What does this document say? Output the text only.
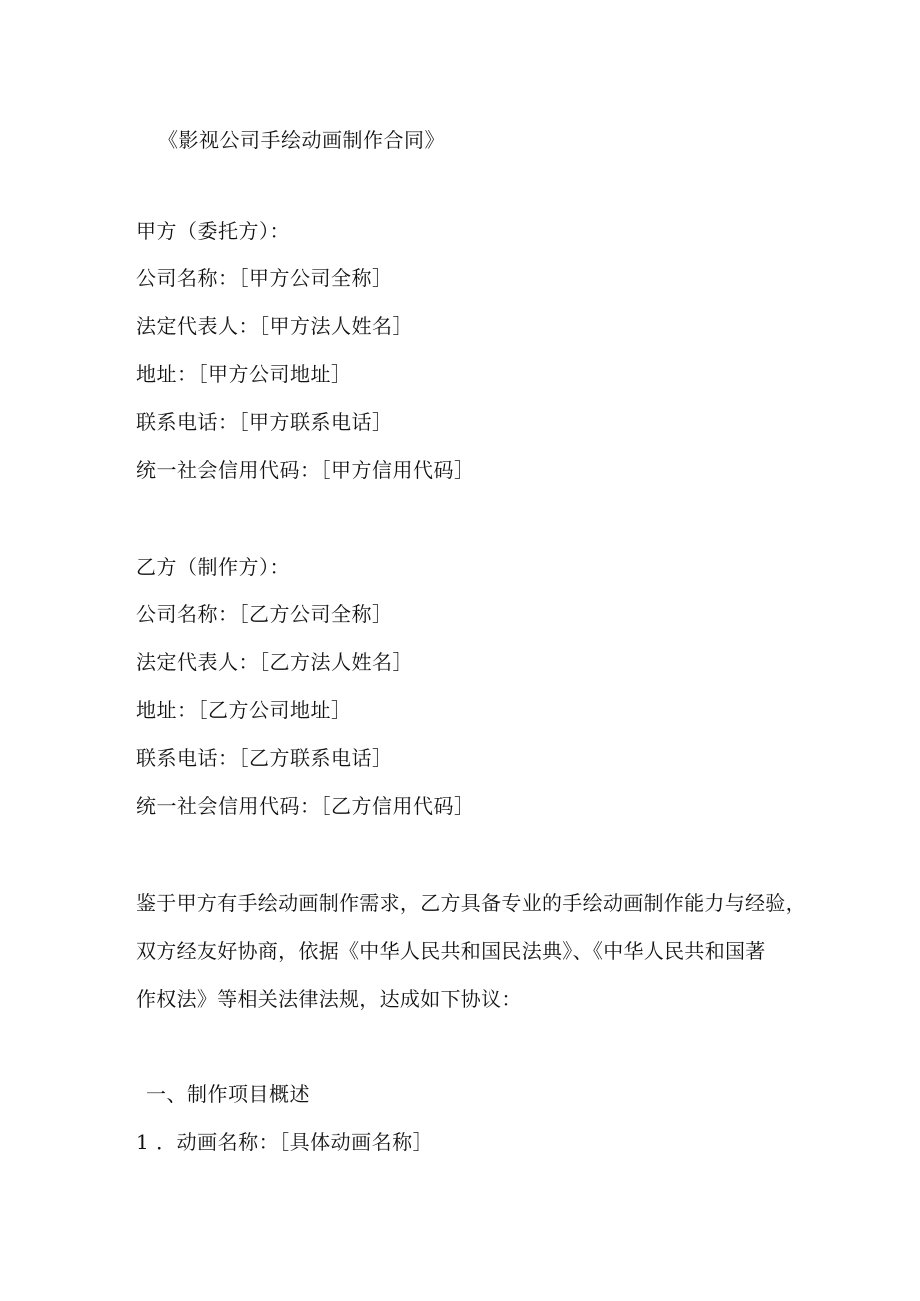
《影视公司手绘动画制作合同》
甲方（委托方）：
公司名称：［甲方公司全称］
法定代表人：［甲方法人姓名］
地址：［甲方公司地址］
联系电话：［甲方联系电话］
统一社会信用代码：［甲方信用代码］
乙方（制作方）：
公司名称：［乙方公司全称］
法定代表人：［乙方法人姓名］
地址：［乙方公司地址］
联系电话：［乙方联系电话］
统一社会信用代码：［乙方信用代码］
鉴于甲方有手绘动画制作需求，乙方具备专业的手绘动画制作能力与经验，
双方经友好协商，依据《中华人民共和国民法典》、《中华人民共和国著
作权法》等相关法律法规，达成如下协议：
一、制作项目概述
1 ．动画名称：［具体动画名称］
